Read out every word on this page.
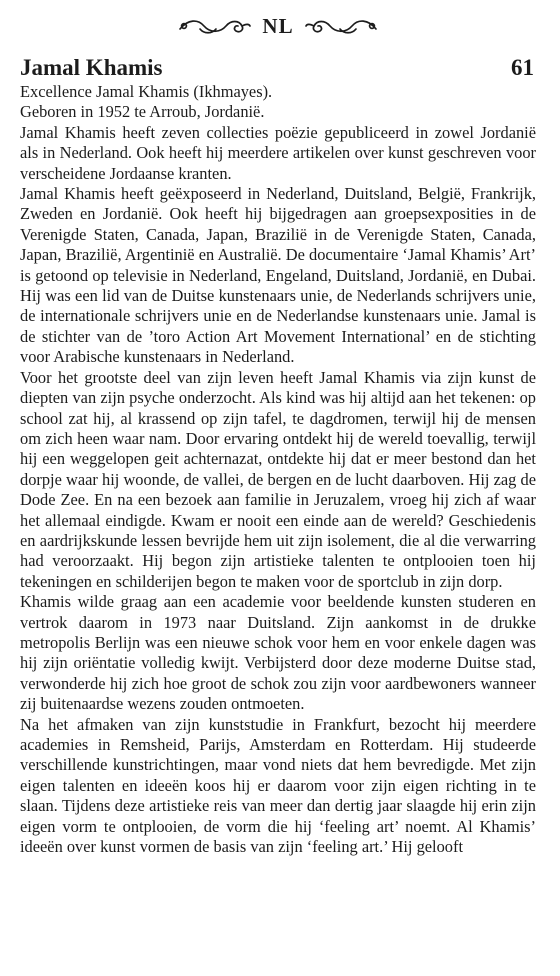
NL
Jamal Khamis	61

Excellence Jamal Khamis (Ikhmayes).

Geboren in 1952 te Arroub, Jordanië.

Jamal Khamis heeft zeven collecties poëzie gepubliceerd in zowel Jordanië als in Nederland. Ook heeft hij meerdere artikelen over kunst geschreven voor verscheidene Jordaanse kranten.

Jamal Khamis heeft geëxposeerd in Nederland, Duitsland, België, Frankrijk, Zweden en Jordanië. Ook heeft hij bijgedragen aan groepsexposities in de Verenigde Staten, Canada, Japan, Brazilië in de Verenigde Staten, Canada, Japan, Brazilië, Argentinië en Australië. De documentaire ‘Jamal Khamis’ Art’ is getoond op televisie in Nederland, Engeland, Duitsland, Jordanië, en Dubai. Hij was een lid van de Duitse kunstenaars unie, de Nederlands schrijvers unie, de internationale schrijvers unie en de Nederlandse kunstenaars unie. Jamal is de stichter van de ’toro Action Art Movement International’ en de stichting voor Arabische kunstenaars in Nederland.

Voor het grootste deel van zijn leven heeft Jamal Khamis via zijn kunst de diepten van zijn psyche onderzocht. Als kind was hij altijd aan het tekenen: op school zat hij, al krassend op zijn tafel, te dagdromen, terwijl hij de mensen om zich heen waar nam. Door ervaring ontdekt hij de wereld toevallig, terwijl hij een weggelopen geit achternazat, ontdekte hij dat er meer bestond dan het dorpje waar hij woonde, de vallei, de bergen en de lucht daarboven. Hij zag de Dode Zee. En na een bezoek aan familie in Jeruzalem, vroeg hij zich af waar het allemaal eindigde. Kwam er nooit een einde aan de wereld? Geschiedenis en aardrijkskunde lessen bevrijde hem uit zijn isolement, die al die verwarring had veroorzaakt. Hij begon zijn artistieke talenten te ontplooien toen hij tekeningen en schilderijen begon te maken voor de sportclub in zijn dorp.

Khamis wilde graag aan een academie voor beeldende kunsten studeren en vertrok daarom in 1973 naar Duitsland. Zijn aankomst in de drukke metropolis Berlijn was een nieuwe schok voor hem en voor enkele dagen was hij zijn oriëntatie volledig kwijt. Verbijsterd door deze moderne Duitse stad, verwonderde hij zich hoe groot de schok zou zijn voor aardbewoners wanneer zij buitenaardse wezens zouden ontmoeten.

Na het afmaken van zijn kunststudie in Frankfurt, bezocht hij meerdere academies in Remsheid, Parijs, Amsterdam en Rotterdam. Hij studeerde verschillende kunstrichtingen, maar vond niets dat hem bevredigde. Met zijn eigen talenten en ideeën koos hij er daarom voor zijn eigen richting in te slaan. Tijdens deze artistieke reis van meer dan dertig jaar slaagde hij erin zijn eigen vorm te ontplooien, de vorm die hij ‘feeling art’ noemt. Al Khamis’ ideeën over kunst vormen de basis van zijn ‘feeling art.’ Hij gelooft
